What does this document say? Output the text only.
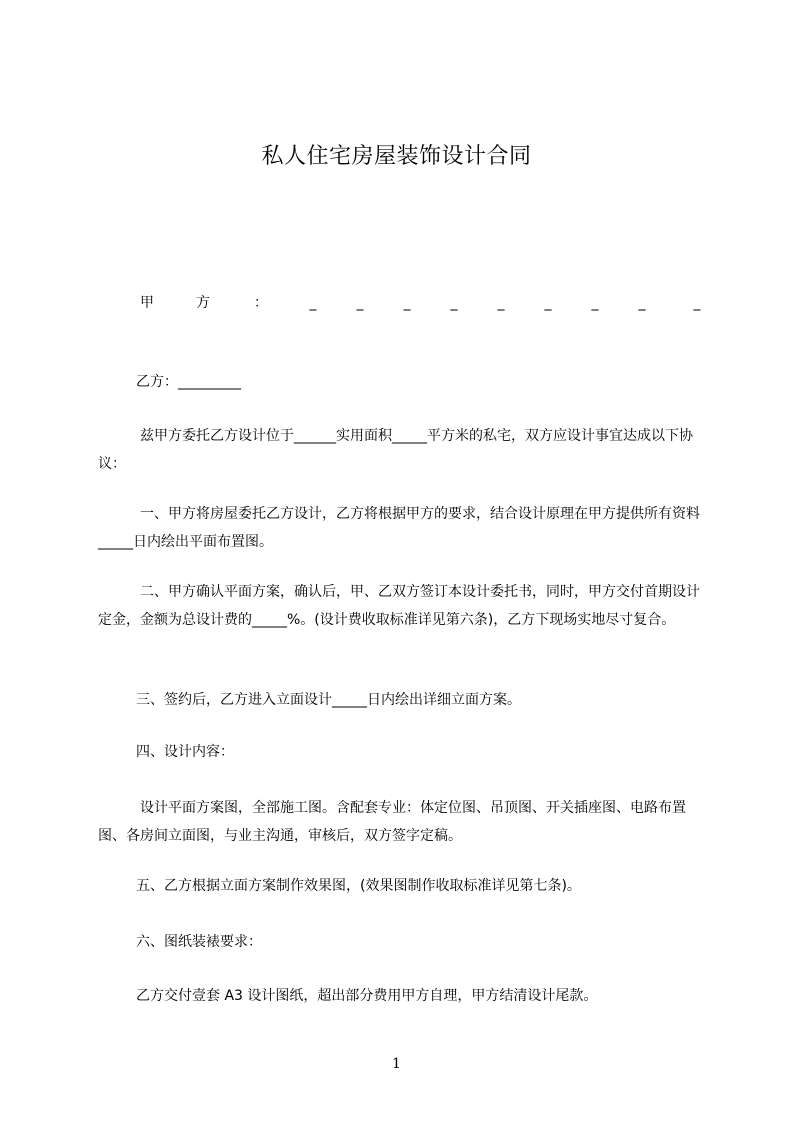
私人住宅房屋装饰设计合同
甲	方	：	_	_	_	_	_	_	_	_	_
乙方：_________
兹甲方委托乙方设计位于______实用面积_____平方米的私宅，双方应设计事宜达成以下协议：
一、甲方将房屋委托乙方设计，乙方将根据甲方的要求，结合设计原理在甲方提供所有资料_____日内绘出平面布置图。
二、甲方确认平面方案，确认后，甲、乙双方签订本设计委托书，同时，甲方交付首期设计定金，金额为总设计费的_____%。(设计费收取标准详见第六条)，乙方下现场实地尽寸复合。
三、签约后，乙方进入立面设计_____日内绘出详细立面方案。
四、设计内容：
设计平面方案图，全部施工图。含配套专业：体定位图、吊顶图、开关插座图、电路布置图、各房间立面图，与业主沟通，审核后，双方签字定稿。
五、乙方根据立面方案制作效果图，(效果图制作收取标准详见第七条)。
六、图纸装裱要求：
乙方交付壹套 A3 设计图纸，超出部分费用甲方自理，甲方结清设计尾款。
1
